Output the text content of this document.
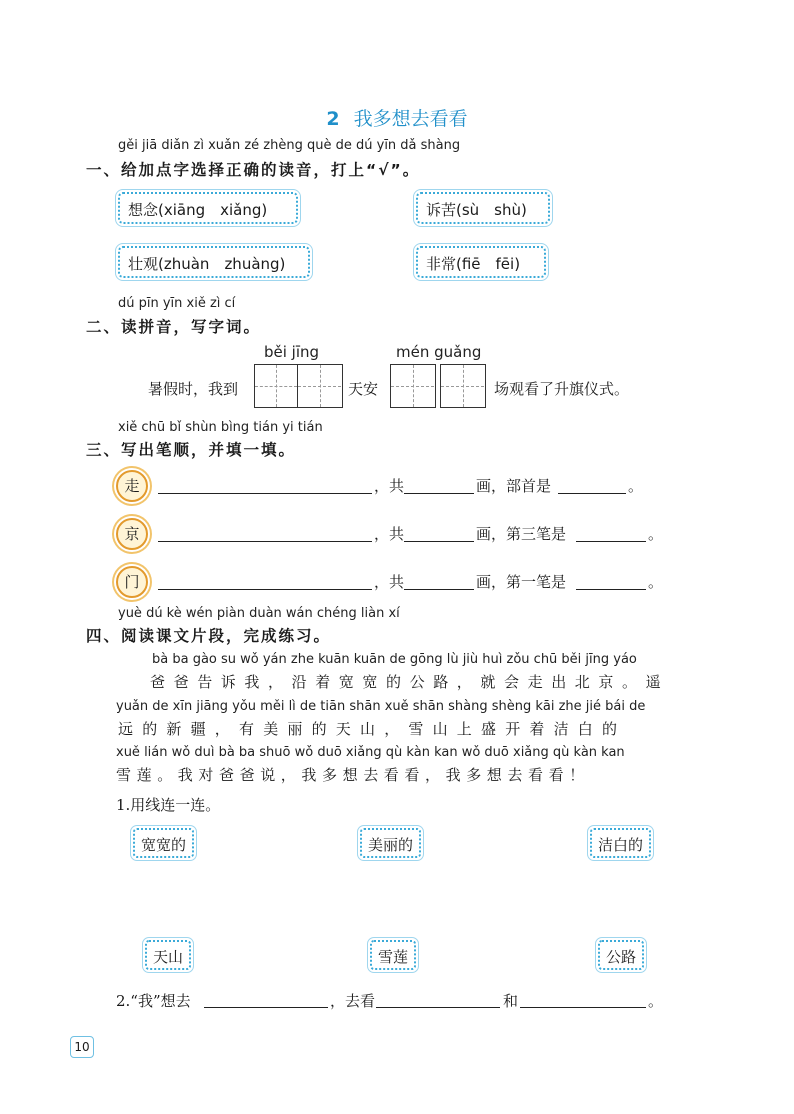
2 我多想去看看
gěi jiā diǎn zì xuǎn zé zhèng què de dú yīn dǎ shàng
一、给加点字选择正确的读音，打上“√”。
想念(xiāng　xiǎng)	诉苦(sù　shù)
壮观(zhuàn　zhuàng)	非常(fiē　fēi)
dú pīn yīn xiě zì cí
二、读拼音，写字词。
běi jīng	mén guǎng
暑假时，我到	天安	场观看了升旗仪式。
xiě chū bǐ shùn bìng tián yi tián
三、写出笔顺，并填一填。
走	，共	画，部首是	。
京	，共	画，第三笔是	。
门	，共	画，第一笔是	。
yuè dú kè wén piàn duàn wán chéng liàn xí
四、阅读课文片段，完成练习。
bà ba gào su wǒ yán zhe kuān kuān de gōng lù jiù huì zǒu chū běi jīng yáo
爸爸告诉我，沿着宽宽的公路，就会走出北京。遥
yuǎn de xīn jiāng yǒu měi lì de tiān shān xuě shān shàng shèng kāi zhe jié bái de
远的新疆，有美丽的天山，雪山上盛开着洁白的
xuě lián wǒ duì bà ba shuō wǒ duō xiǎng qù kàn kan wǒ duō xiǎng qù kàn kan
雪莲。我对爸爸说，我多想去看看，我多想去看看！
1.用线连一连。
宽宽的	美丽的	洁白的
天山	雪莲	公路
2.“我”想去	，去看	和	。
10
